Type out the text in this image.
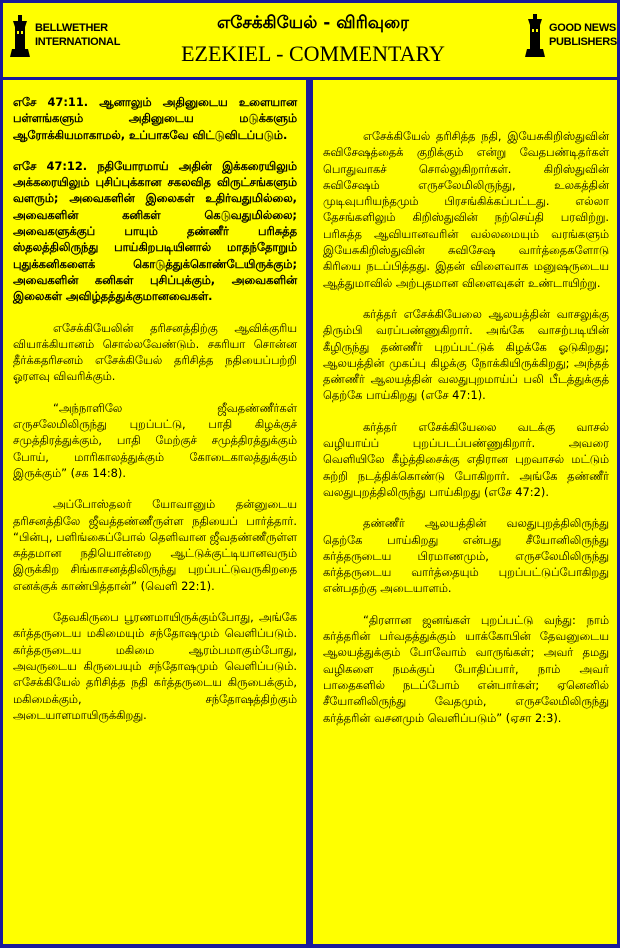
BELLWETHER
INTERNATIONAL
எசேக்கியேல் - விரிவுரை
EZEKIEL - COMMENTARY
GOOD NEWS
PUBLISHERS

எசே 47:11. ஆனாலும் அதினுடைய உளையான பள்ளங்களும் அதினுடைய மடுக்களும் ஆரோக்கியமாகாமல், உப்பாகவே விட்டுவிடப்படும்.

எசே 47:12. நதியோரமாய் அதின் இக்கரையிலும் அக்கரையிலும் புசிப்புக்கான சகலவித விருட்சங்களும் வளரும்; அவைகளின் இலைகள் உதிர்வதுமில்லை, அவைகளின் கனிகள் கெடுவதுமில்லை; அவைகளுக்குப் பாயும் தண்ணீர் பரிசுத்த ஸ்தலத்திலிருந்து பாய்கிறபடியினால் மாதந்தோறும் புதுக்கனிகளைக் கொடுத்துக்கொண்டேயிருக்கும்; அவைகளின் கனிகள் புசிப்புக்கும், அவைகளின் இலைகள் அவிழ்தத்துக்குமானவைகள்.

எசேக்கியேலின் தரிசனத்திற்கு ஆவிக்குரிய வியாக்கியானம் சொல்லவேண்டும். சகரியா சொன்ன தீர்க்கதரிசனம் எசேக்கியேல் தரிசித்த நதியைப்பற்றி ஓரளவு விவரிக்கும்.

“அந்நாளிலே ஜீவதண்ணீர்கள் எருசலேமிலிருந்து புறப்பட்டு, பாதி கிழக்குச் சமுத்திரத்துக்கும், பாதி மேற்குச் சமுத்திரத்துக்கும் போய், மாரிகாலத்துக்கும் கோடைகாலத்துக்கும் இருக்கும்” (சக 14:8).

அப்போஸ்தலர் யோவானும் தன்னுடைய தரிசனத்திலே ஜீவத்தண்ணீருள்ள நதியைப் பார்த்தார். “பின்பு, பளிங்கைப்போல் தெளிவான ஜீவதண்ணீருள்ள சுத்தமான நதியொன்றை ஆட்டுக்குட்டியானவரும் இருக்கிற சிங்காசனத்திலிருந்து புறப்பட்டுவருகிறதை எனக்குக் காண்பித்தான்” (வெளி 22:1).

தேவகிருபை பூரணமாயிருக்கும்போது, அங்கே கர்த்தருடைய மகிமையும் சந்தோஷமும் வெளிப்படும். கர்த்தருடைய மகிமை ஆரம்பமாகும்போது, அவருடைய கிருபையும் சந்தோஷமும் வெளிப்படும். எசேக்கியேல் தரிசித்த நதி கர்த்தருடைய கிருபைக்கும், மகிமைக்கும், சந்தோஷத்திற்கும் அடையாளமாயிருக்கிறது.

எசேக்கியேல் தரிசித்த நதி, இயேசுகிறிஸ்துவின் சுவிசேஷத்தைக் குறிக்கும் என்று வேதபண்டிதர்கள் பொதுவாகச் சொல்லுகிறார்கள். கிறிஸ்துவின் சுவிசேஷம் எருசலேமிலிருந்து, உலகத்தின் முடிவுபரியந்தமும் பிரசங்கிக்கப்பட்டது. எல்லா தேசங்களிலும் கிறிஸ்துவின் நற்செய்தி பரவிற்று. பரிசுத்த ஆவியானவரின் வல்லமையும் வரங்களும் இயேசுகிறிஸ்துவின் சுவிசேஷ வார்த்தைகளோடு கிரியை நடப்பித்தது. இதன் விளைவாக மனுஷருடைய ஆத்துமாவில் அற்புதமான விளைவுகள் உண்டாயிற்று.

கர்த்தர் எசேக்கியேலை ஆலயத்தின் வாசலுக்கு திரும்பி வரப்பண்ணுகிறார். அங்கே வாசற்படியின் கீழிருந்து தண்ணீர் புறப்பட்டுக் கிழக்கே ஓடுகிறது; ஆலயத்தின் முகப்பு கிழக்கு நோக்கியிருக்கிறது; அந்தத் தண்ணீர் ஆலயத்தின் வலதுபுறமாய்ப் பலி பீடத்துக்குத் தெற்கே பாய்கிறது (எசே 47:1).

கர்த்தர் எசேக்கியேலை வடக்கு வாசல் வழியாய்ப் புறப்படப்பண்ணுகிறார். அவரை வெளியிலே கீழ்த்திசைக்கு எதிரான புறவாசல் மட்டும் சுற்றி நடத்திக்கொண்டு போகிறார். அங்கே தண்ணீர் வலதுபுறத்திலிருந்து பாய்கிறது (எசே 47:2).

தண்ணீர் ஆலயத்தின் வலதுபுறத்திலிருந்து தெற்கே பாய்கிறது என்பது சீயோனிலிருந்து கர்த்தருடைய பிரமாணமும், எருசலேமிலிருந்து கர்த்தருடைய வார்த்தையும் புறப்பட்டுப்போகிறது என்பதற்கு அடையாளம்.

“திரளான ஜனங்கள் புறப்பட்டு வந்து: நாம் கர்த்தரின் பர்வதத்துக்கும் யாக்கோபின் தேவனுடைய ஆலயத்துக்கும் போவோம் வாருங்கள்; அவர் தமது வழிகளை நமக்குப் போதிப்பார், நாம் அவர் பாதைகளில் நடப்போம் என்பார்கள்; ஏனெனில் சீயோனிலிருந்து வேதமும், எருசலேமிலிருந்து கர்த்தரின் வசனமும் வெளிப்படும்” (ஏசா 2:3).
